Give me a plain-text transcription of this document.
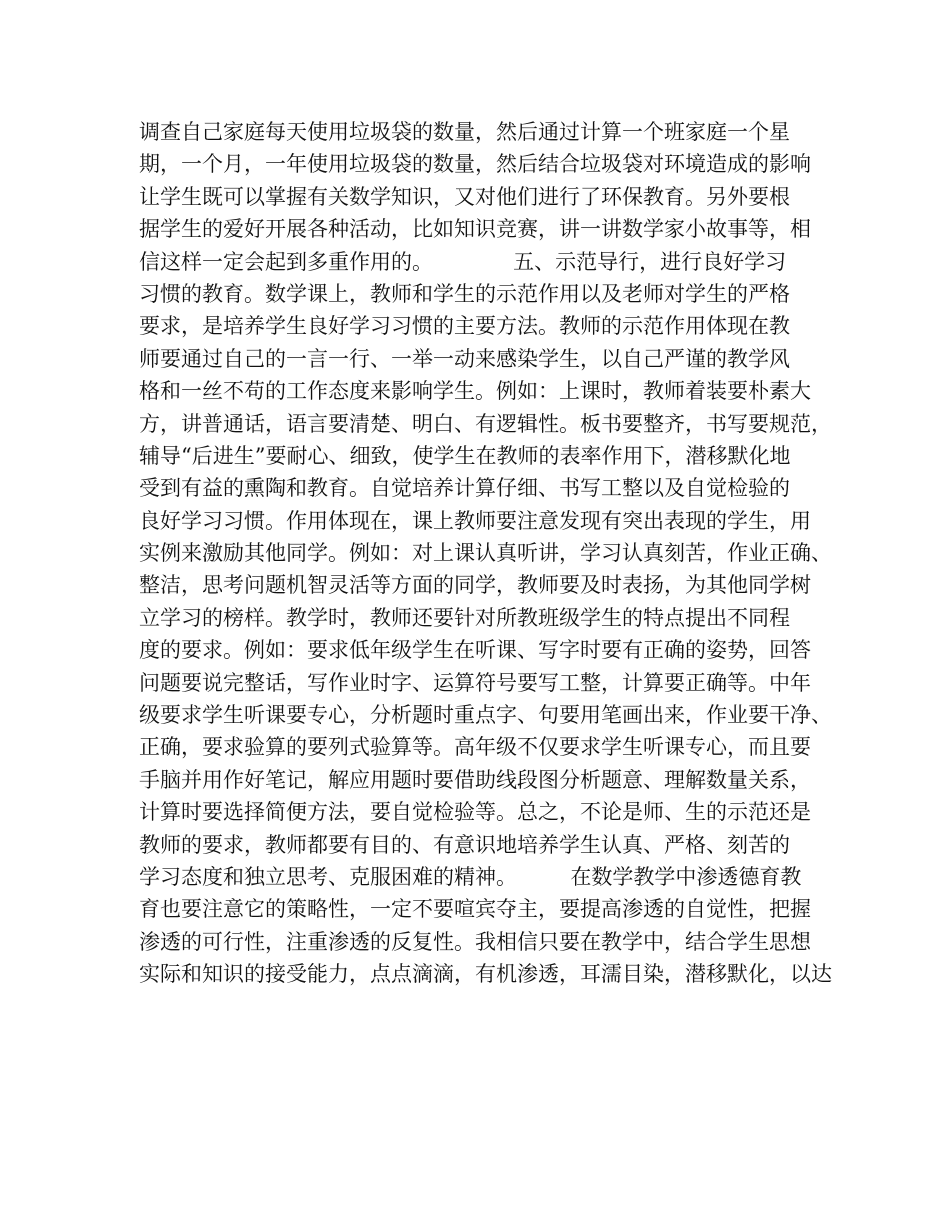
调查自己家庭每天使用垃圾袋的数量，然后通过计算一个班家庭一个星
期，一个月，一年使用垃圾袋的数量，然后结合垃圾袋对环境造成的影响
让学生既可以掌握有关数学知识，又对他们进行了环保教育。另外要根
据学生的爱好开展各种活动，比如知识竞赛，讲一讲数学家小故事等，相
信这样一定会起到多重作用的。            五、示范导行，进行良好学习
习惯的教育。数学课上，教师和学生的示范作用以及老师对学生的严格
要求，是培养学生良好学习习惯的主要方法。教师的示范作用体现在教
师要通过自己的一言一行、一举一动来感染学生，以自己严谨的教学风
格和一丝不苟的工作态度来影响学生。例如：上课时，教师着装要朴素大
方，讲普通话，语言要清楚、明白、有逻辑性。板书要整齐，书写要规范，
辅导“后进生”要耐心、细致，使学生在教师的表率作用下，潜移默化地
受到有益的熏陶和教育。自觉培养计算仔细、书写工整以及自觉检验的
良好学习习惯。作用体现在，课上教师要注意发现有突出表现的学生，用
实例来激励其他同学。例如：对上课认真听讲，学习认真刻苦，作业正确、
整洁，思考问题机智灵活等方面的同学，教师要及时表扬，为其他同学树
立学习的榜样。教学时，教师还要针对所教班级学生的特点提出不同程
度的要求。例如：要求低年级学生在听课、写字时要有正确的姿势，回答
问题要说完整话，写作业时字、运算符号要写工整，计算要正确等。中年
级要求学生听课要专心，分析题时重点字、句要用笔画出来，作业要干净、
正确，要求验算的要列式验算等。高年级不仅要求学生听课专心，而且要
手脑并用作好笔记，解应用题时要借助线段图分析题意、理解数量关系，
计算时要选择简便方法，要自觉检验等。总之，不论是师、生的示范还是
教师的要求，教师都要有目的、有意识地培养学生认真、严格、刻苦的
学习态度和独立思考、克服困难的精神。        在数学教学中渗透德育教
育也要注意它的策略性，一定不要喧宾夺主，要提高渗透的自觉性，把握
渗透的可行性，注重渗透的反复性。我相信只要在教学中，结合学生思想
实际和知识的接受能力，点点滴滴，有机渗透，耳濡目染，潜移默化，以达
